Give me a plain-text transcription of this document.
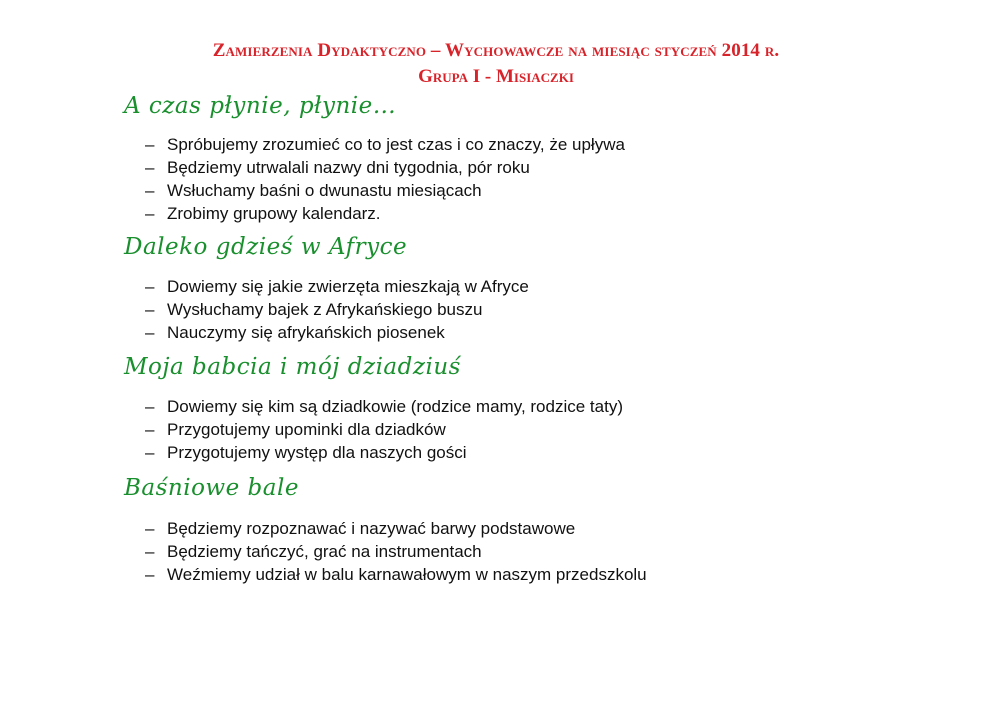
Zamierzenia Dydaktyczno – Wychowawcze na miesiąc styczeń 2014 r.

Grupa I - Misiaczki

A czas płynie, płynie…
– Spróbujemy zrozumieć co to jest czas i co znaczy, że upływa
– Będziemy utrwalali nazwy dni tygodnia, pór roku
– Wsłuchamy baśni o dwunastu miesiącach
– Zrobimy grupowy kalendarz.
Daleko gdzieś w Afryce
– Dowiemy się jakie zwierzęta mieszkają w Afryce
– Wysłuchamy bajek z Afrykańskiego buszu
– Nauczymy się afrykańskich piosenek
Moja babcia i mój dziadziuś
– Dowiemy się kim są dziadkowie (rodzice mamy, rodzice taty)
– Przygotujemy upominki dla dziadków
– Przygotujemy występ dla naszych gości
Baśniowe bale
– Będziemy rozpoznawać i nazywać barwy podstawowe
– Będziemy tańczyć, grać na instrumentach
– Weźmiemy udział w balu karnawałowym w naszym przedszkolu
